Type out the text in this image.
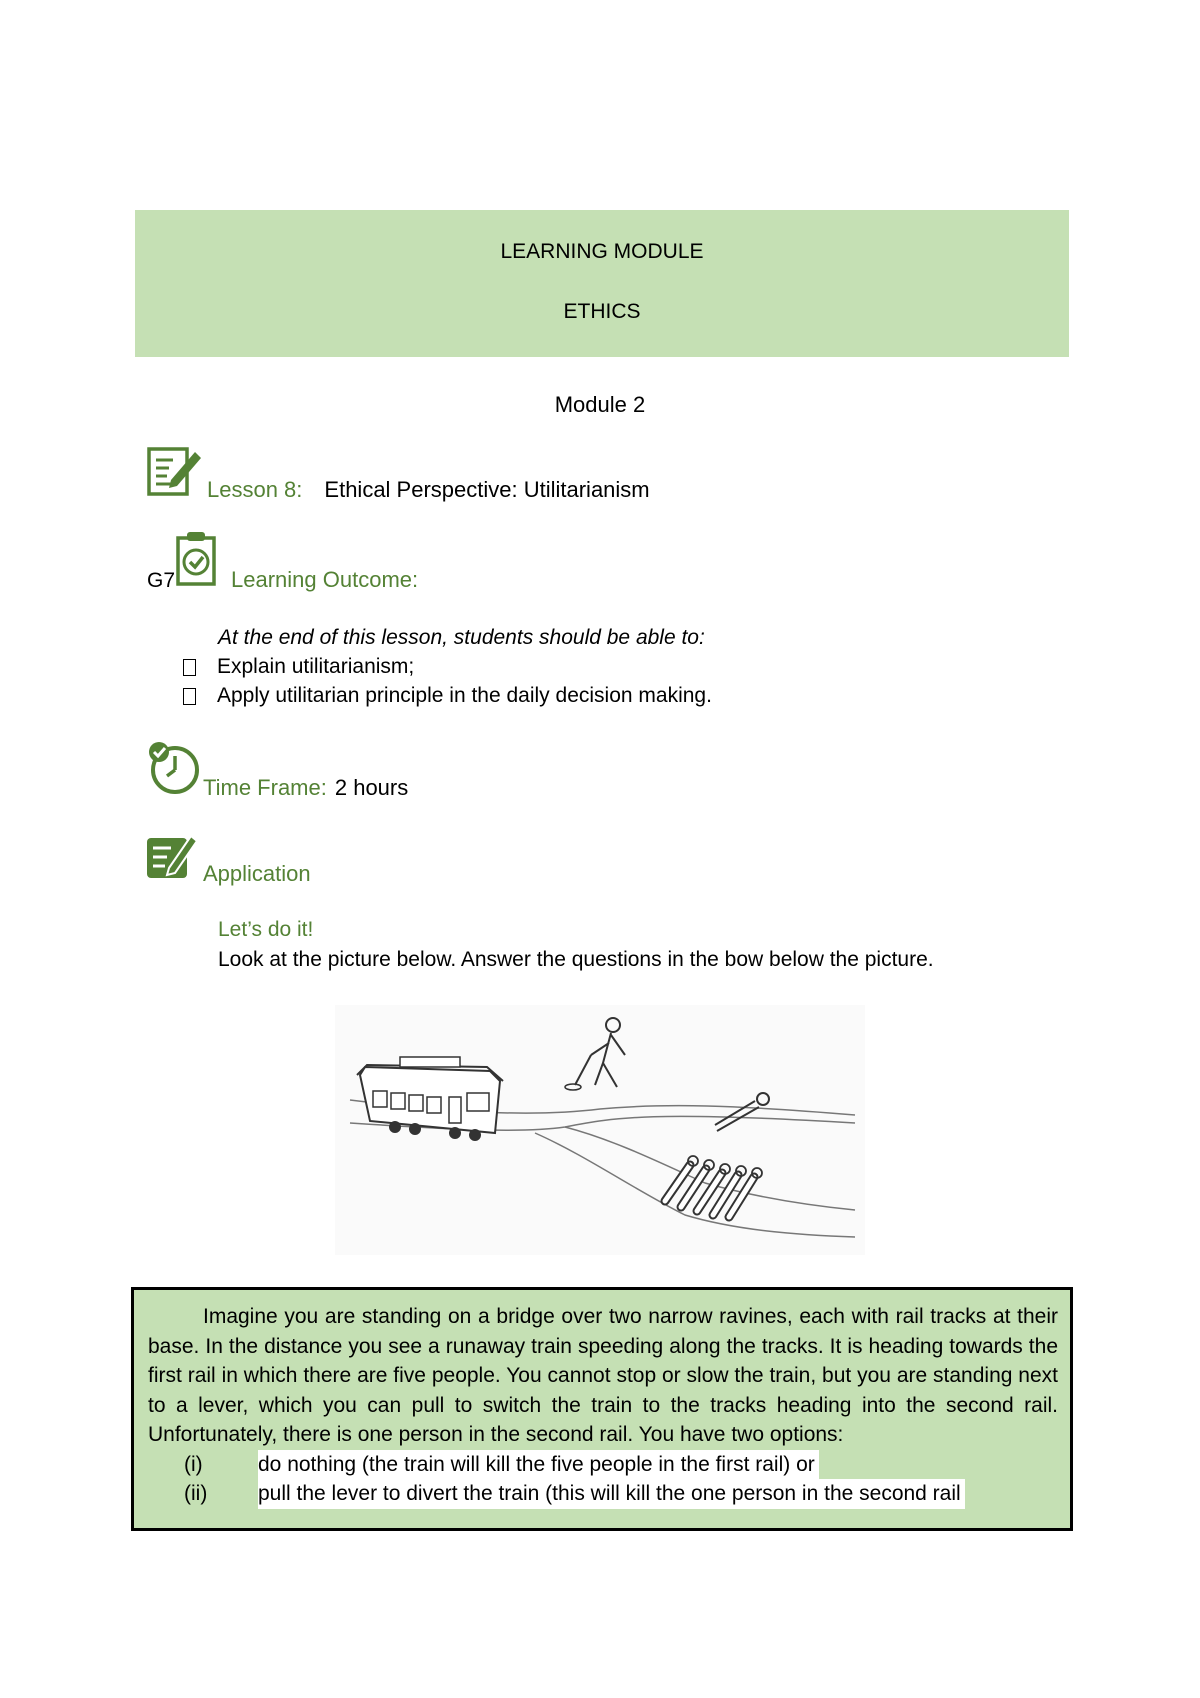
LEARNING MODULE
ETHICS
Module 2
Lesson 8: Ethical Perspective: Utilitarianism
G7	Learning Outcome:
At the end of this lesson, students should be able to:
Explain utilitarianism;
Apply utilitarian principle in the daily decision making.
Time Frame: 2 hours
Application
Let’s do it!
Look at the picture below. Answer the questions in the bow below the picture.

Imagine you are standing on a bridge over two narrow ravines, each with rail tracks at their base. In the distance you see a runaway train speeding along the tracks. It is heading towards the first rail in which there are five people. You cannot stop or slow the train, but you are standing next to a lever, which you can pull to switch the train to the tracks heading into the second rail. Unfortunately, there is one person in the second rail. You have two options:

(i)	do nothing (the train will kill the five people in the first rail) or
(ii)	pull the lever to divert the train (this will kill the one person in the second rail
